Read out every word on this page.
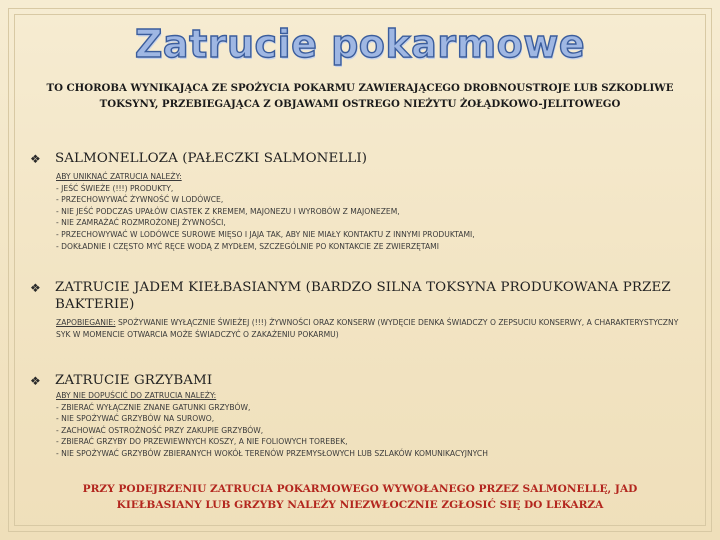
Zatrucie pokarmowe
TO CHOROBA WYNIKAJĄCA ZE SPOŻYCIA POKARMU ZAWIERAJĄCEGO DROBNOUSTROJE LUB SZKODLIWE TOKSYNY, PRZEBIEGAJĄCA Z OBJAWAMI OSTREGO NIEŻYTU ŻOŁĄDKOWO-JELITOWEGO
❖ SALMONELLOZA (PAŁECZKI SALMONELLI)
ABY UNIKNĄĆ ZATRUCIA NALEŻY:
- JEŚĆ ŚWIEŻE (!!!) PRODUKTY,
- PRZECHOWYWAĆ ŻYWNOŚĆ W LODÓWCE,
- NIE JEŚĆ PODCZAS UPAŁÓW CIASTEK Z KREMEM, MAJONEZU I WYROBÓW Z MAJONEZEM,
- NIE ZAMRAŻAĆ ROZMROŻONEJ ŻYWNOŚCI,
- PRZECHOWYWAĆ W LODÓWCE SUROWE MIĘSO I JAJA TAK, ABY NIE MIAŁY KONTAKTU Z INNYMI PRODUKTAMI,
- DOKŁADNIE I CZĘSTO MYĆ RĘCE WODĄ Z MYDŁEM, SZCZEGÓLNIE PO KONTAKCIE ZE ZWIERZĘTAMI
❖ ZATRUCIE JADEM KIEŁBASIANYM (BARDZO SILNA TOKSYNA PRODUKOWANA PRZEZ BAKTERIE)
ZAPOBIEGANIE: SPOŻYWANIE WYŁĄCZNIE ŚWIEŻEJ (!!!) ŻYWNOŚCI ORAZ KONSERW (WYDĘCIE DENKA ŚWIADCZY O ZEPSUCIU KONSERWY, A CHARAKTERYSTYCZNY SYK W MOMENCIE OTWARCIA MOŻE ŚWIADCZYĆ O ZAKAŻENIU POKARMU)
❖ ZATRUCIE GRZYBAMI
ABY NIE DOPUŚCIĆ DO ZATRUCIA NALEŻY:
- ZBIERAĆ WYŁĄCZNIE ZNANE GATUNKI GRZYBÓW,
- NIE SPOŻYWAĆ GRZYBÓW NA SUROWO,
- ZACHOWAĆ OSTROŻNOŚĆ PRZY ZAKUPIE GRZYBÓW,
- ZBIERAĆ GRZYBY DO PRZEWIEWNYCH KOSZY, A NIE FOLIOWYCH TOREBEK,
- NIE SPOŻYWAĆ GRZYBÓW ZBIERANYCH WOKÓŁ TERENÓW PRZEMYSŁOWYCH LUB SZLAKÓW KOMUNIKACYJNYCH
PRZY PODEJRZENIU ZATRUCIA POKARMOWEGO WYWOŁANEGO PRZEZ SALMONELLĘ, JAD KIEŁBASIANY LUB GRZYBY NALEŻY NIEZWŁOCZNIE ZGŁOSIĆ SIĘ DO LEKARZA
